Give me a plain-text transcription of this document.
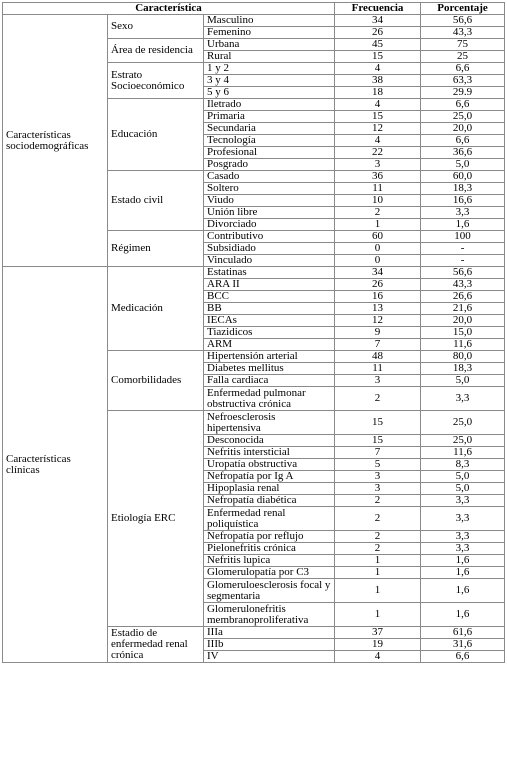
Característica			Frecuencia	Porcentaje
Características sociodemográficas	Sexo	Masculino	34	56,6
		Femenino	26	43,3
	Área de residencia	Urbana	45	75
		Rural	15	25
	Estrato Socioeconómico	1 y 2	4	6,6
		3 y 4	38	63,3
		5 y 6	18	29.9
	Educación	Iletrado	4	6,6
		Primaria	15	25,0
		Secundaria	12	20,0
		Tecnología	4	6,6
		Profesional	22	36,6
		Posgrado	3	5,0
	Estado civil	Casado	36	60,0
		Soltero	11	18,3
		Viudo	10	16,6
		Unión libre	2	3,3
		Divorciado	1	1,6
	Régimen	Contributivo	60	100
		Subsidiado	0	-
		Vinculado	0	-
Características clínicas	Medicación	Estatinas	34	56,6
		ARA II	26	43,3
		BCC	16	26,6
		BB	13	21,6
		IECAs	12	20,0
		Tiazidicos	9	15,0
		ARM	7	11,6
	Comorbilidades	Hipertensión arterial	48	80,0
		Diabetes mellitus	11	18,3
		Falla cardiaca	3	5,0
		Enfermedad pulmonar obstructiva crónica	2	3,3
	Etiología ERC	Nefroesclerosis hipertensiva	15	25,0
		Desconocida	15	25,0
		Nefritis intersticial	7	11,6
		Uropatía obstructiva	5	8,3
		Nefropatía por Ig A	3	5,0
		Hipoplasia renal	3	5,0
		Nefropatía diabética	2	3,3
		Enfermedad renal poliquística	2	3,3
		Nefropatía por reflujo	2	3,3
		Pielonefritis crónica	2	3,3
		Nefritis lupica	1	1,6
		Glomerulopatía por C3	1	1,6
		Glomeruloesclerosis focal y segmentaria	1	1,6
		Glomerulonefritis membranoproliferativa	1	1,6
	Estadio de enfermedad renal crónica	IIIa	37	61,6
		IIIb	19	31,6
		IV	4	6,6
